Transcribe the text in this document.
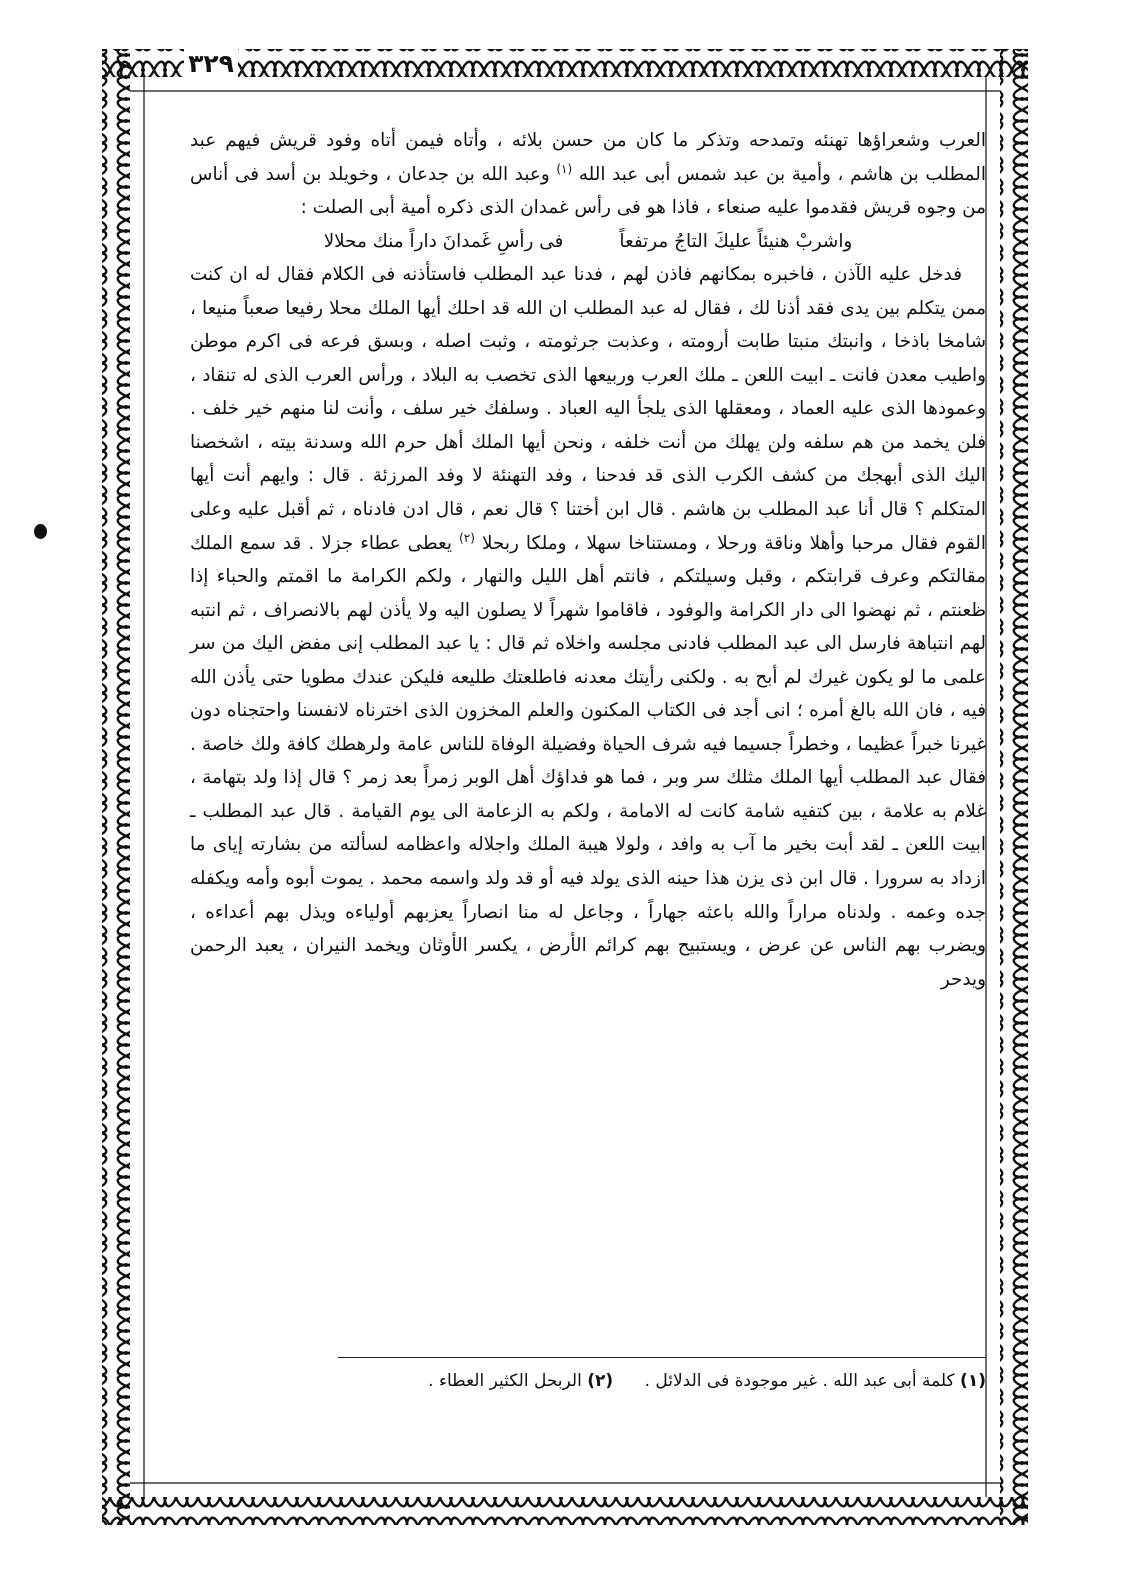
٣٢٩

العرب وشعراؤها تهنئه وتمدحه وتذكر ما كان من حسن بلائه ، وأتاه فيمن أتاه وفود قريش فيهم عبد المطلب بن هاشم ، وأمية بن عبد شمس أبى عبد الله $^{(١)}$ وعبد الله بن جدعان ، وخويلد بن أسد فى أناس من وجوه قريش فقدموا عليه صنعاء ، فاذا هو فى رأس غمدان الذى ذكره أمية أبى الصلت :

واشربْ هنيئاً عليكَ التاجُ مرتفعاً
فى رأسِ غَمدانَ داراً منك محلالا

فدخل عليه الآذن ، فاخبره بمكانهم فاذن لهم ، فدنا عبد المطلب فاستأذنه فى الكلام فقال له ان كنت ممن يتكلم بين يدى فقد أذنا لك ، فقال له عبد المطلب ان الله قد احلك أيها الملك محلا رفيعا صعباً منيعا ، شامخا باذخا ، وانبتك منبتا طابت أرومته ، وعذبت جرثومته ، وثبت اصله ، وبسق فرعه فى اكرم موطن واطيب معدن فانت ـ ابيت اللعن ـ ملك العرب وربيعها الذى تخصب به البلاد ، ورأس العرب الذى له تنقاد ، وعمودها الذى عليه العماد ، ومعقلها الذى يلجأ اليه العباد . وسلفك خير سلف ، وأنت لنا منهم خير خلف . فلن يخمد من هم سلفه ولن يهلك من أنت خلفه ، ونحن أيها الملك أهل حرم الله وسدنة بيته ، اشخصنا اليك الذى أبهجك من كشف الكرب الذى قد فدحنا ، وفد التهنئة لا وفد المرزئة . قال : وايهم أنت أيها المتكلم ؟ قال أنا عبد المطلب بن هاشم . قال ابن أختنا ؟ قال نعم ، قال ادن فادناه ، ثم أقبل عليه وعلى القوم فقال مرحبا وأهلا وناقة ورحلا ، ومستناخا سهلا ، وملكا ربحلا $^{(٢)}$ يعطى عطاء جزلا . قد سمع الملك مقالتكم وعرف قرابتكم ، وقبل وسيلتكم ، فانتم أهل الليل والنهار ، ولكم الكرامة ما اقمتم والحباء إذا ظعنتم ، ثم نهضوا الى دار الكرامة والوفود ، فاقاموا شهراً لا يصلون اليه ولا يأذن لهم بالانصراف ، ثم انتبه لهم انتباهة فارسل الى عبد المطلب فادنى مجلسه واخلاه ثم قال : يا عبد المطلب إنى مفض اليك من سر علمى ما لو يكون غيرك لم أبح به . ولكنى رأيتك معدنه فاطلعتك طليعه فليكن عندك مطويا حتى يأذن الله فيه ، فان الله بالغ أمره ؛ انى أجد فى الكتاب المكنون والعلم المخزون الذى اخترناه لانفسنا واحتجناه دون غيرنا خبراً عظيما ، وخطراً جسيما فيه شرف الحياة وفضيلة الوفاة للناس عامة ولرهطك كافة ولك خاصة . فقال عبد المطلب أيها الملك مثلك سر وبر ، فما هو فداؤك أهل الوبر زمراً بعد زمر ؟ قال إذا ولد بتهامة ، غلام به علامة ، بين كتفيه شامة كانت له الامامة ، ولكم به الزعامة الى يوم القيامة . قال عبد المطلب ـ ابيت اللعن ـ لقد أبت بخير ما آب به وافد ، ولولا هيبة الملك واجلاله واعظامه لسألته من بشارته إياى ما ازداد به سرورا . قال ابن ذى يزن هذا حينه الذى يولد فيه أو قد ولد واسمه محمد . يموت أبوه وأمه ويكفله جده وعمه . ولدناه مراراً والله باعثه جهاراً ، وجاعل له منا انصاراً يعزبهم أولياءه ويذل بهم أعداءه ، ويضرب بهم الناس عن عرض ، ويستبيح بهم كرائم الأرض ، يكسر الأوثان ويخمد النيران ، يعبد الرحمن ويدحر

(١) كلمة أبى عبد الله . غير موجودة فى الدلائل . (٢) الربحل الكثير العطاء .
